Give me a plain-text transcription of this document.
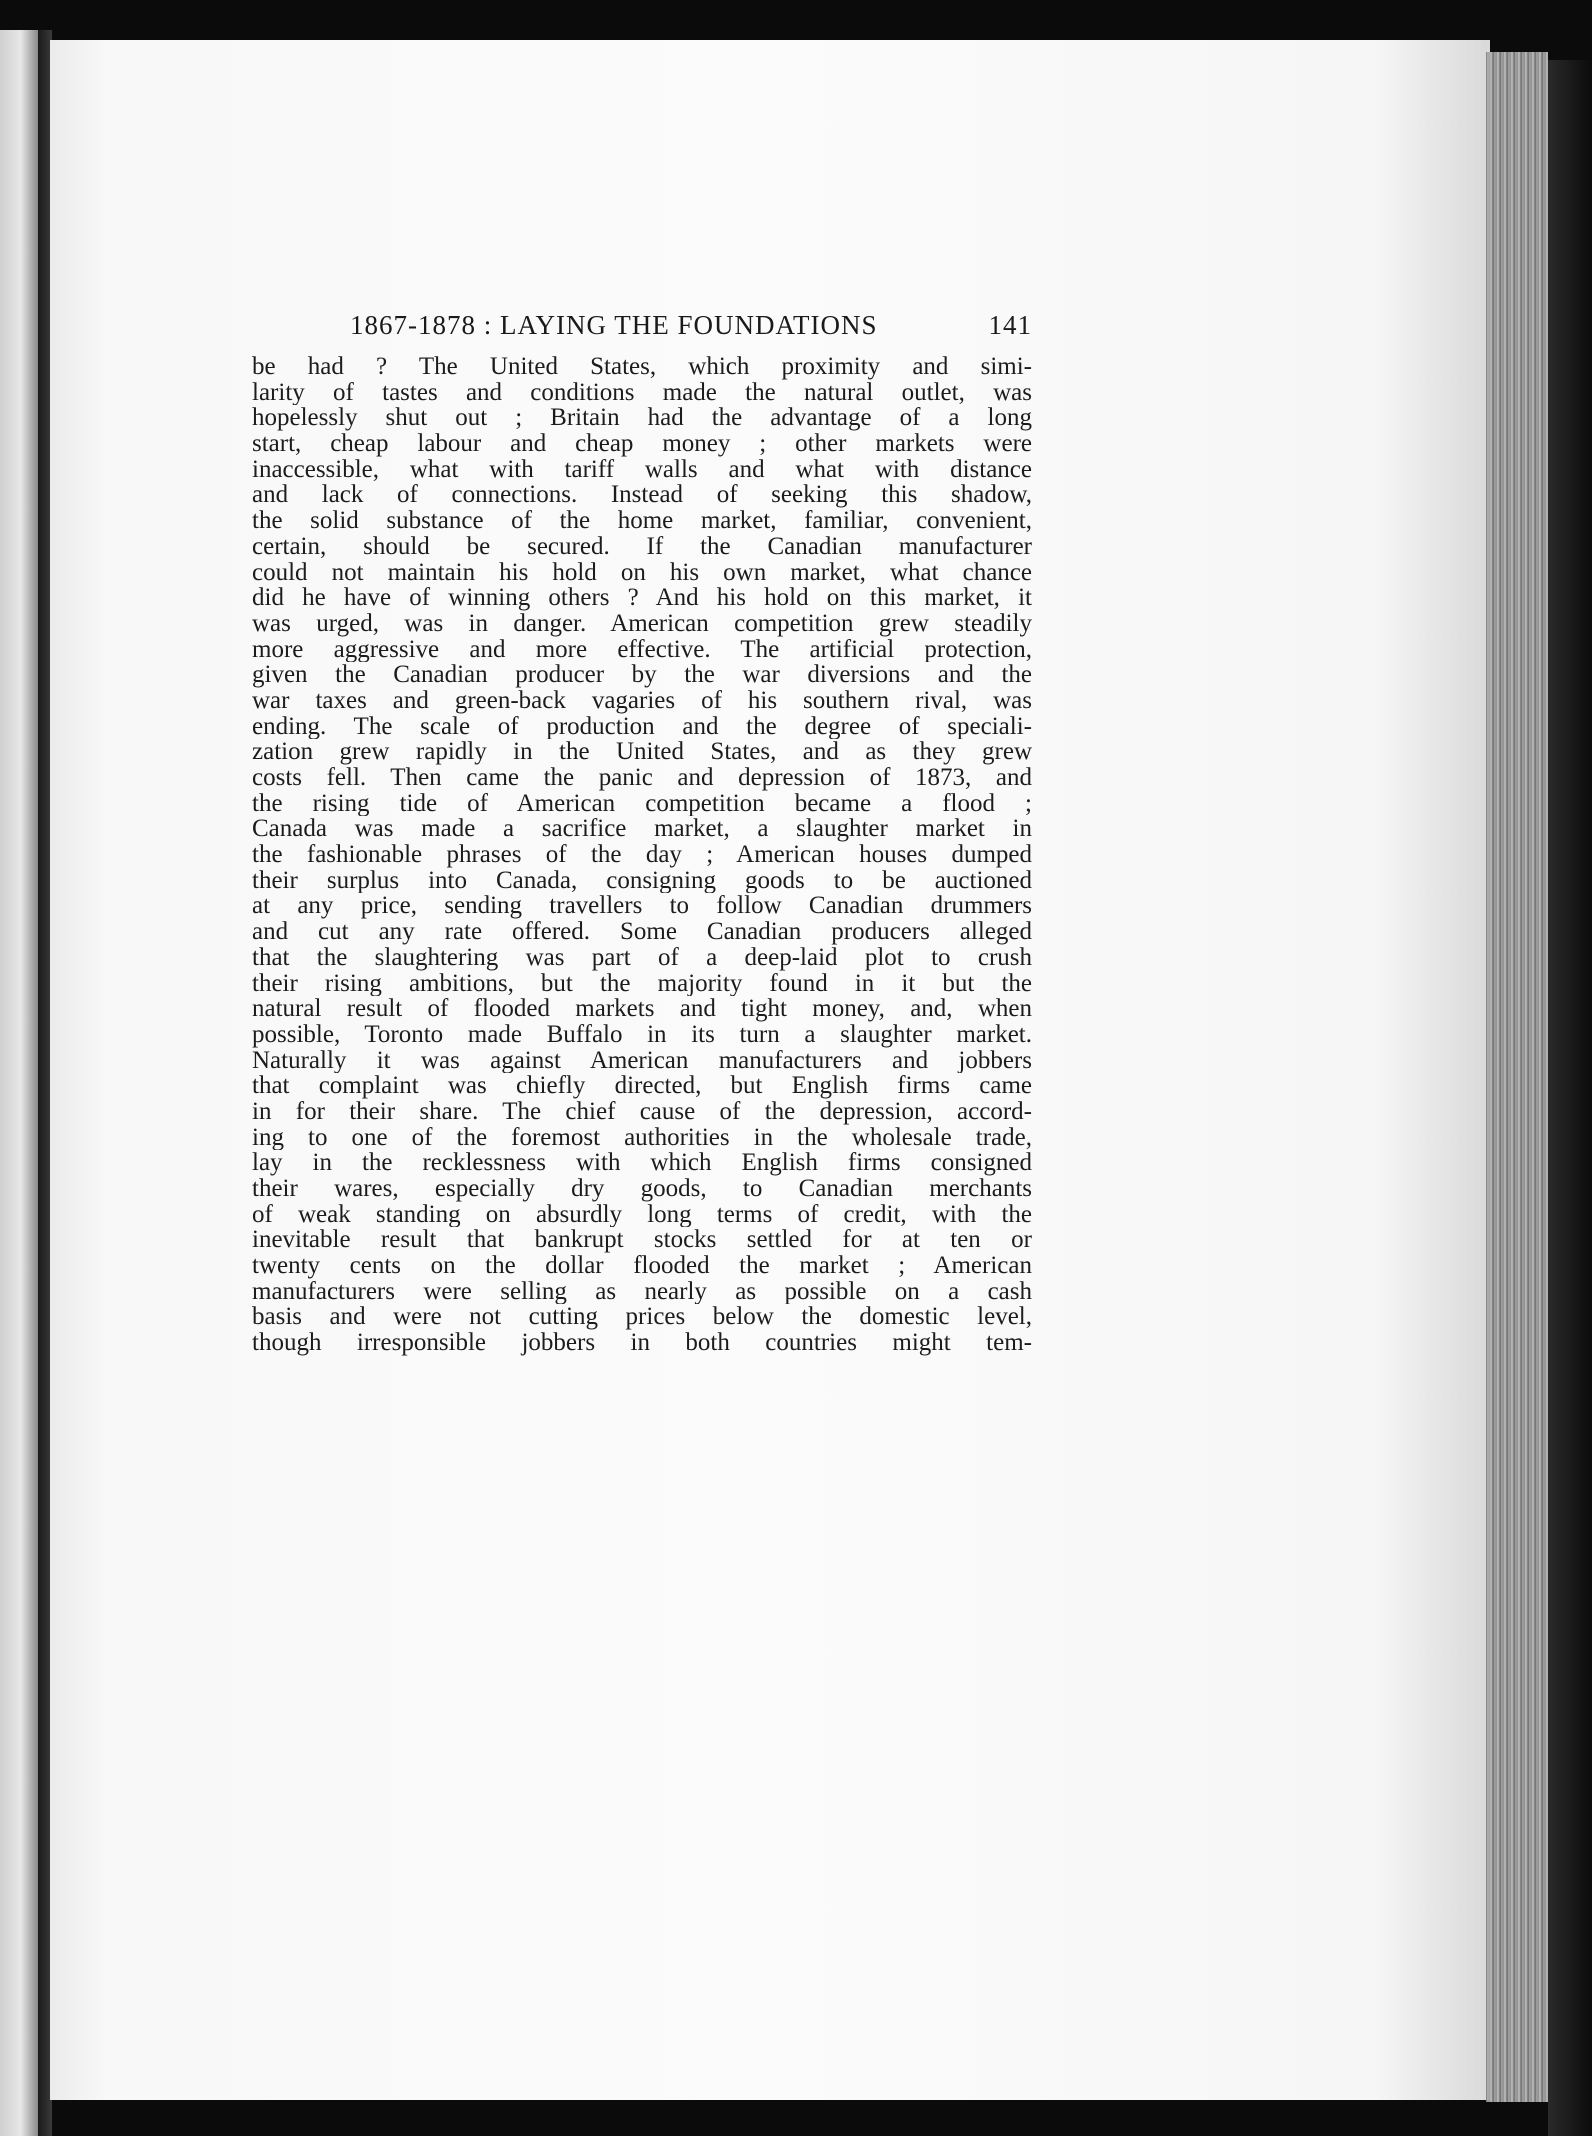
1867-1878 : LAYING THE FOUNDATIONS	141
be had ? The United States, which proximity and simi-
larity of tastes and conditions made the natural outlet, was
hopelessly shut out ; Britain had the advantage of a long
start, cheap labour and cheap money ; other markets were
inaccessible, what with tariff walls and what with distance
and lack of connections. Instead of seeking this shadow,
the solid substance of the home market, familiar, convenient,
certain, should be secured. If the Canadian manufacturer
could not maintain his hold on his own market, what chance
did he have of winning others ? And his hold on this market, it
was urged, was in danger. American competition grew steadily
more aggressive and more effective. The artificial protection,
given the Canadian producer by the war diversions and the
war taxes and green-back vagaries of his southern rival, was
ending. The scale of production and the degree of speciali-
zation grew rapidly in the United States, and as they grew
costs fell. Then came the panic and depression of 1873, and
the rising tide of American competition became a flood ;
Canada was made a sacrifice market, a slaughter market in
the fashionable phrases of the day ; American houses dumped
their surplus into Canada, consigning goods to be auctioned
at any price, sending travellers to follow Canadian drummers
and cut any rate offered. Some Canadian producers alleged
that the slaughtering was part of a deep-laid plot to crush
their rising ambitions, but the majority found in it but the
natural result of flooded markets and tight money, and, when
possible, Toronto made Buffalo in its turn a slaughter market.
Naturally it was against American manufacturers and jobbers
that complaint was chiefly directed, but English firms came
in for their share. The chief cause of the depression, accord-
ing to one of the foremost authorities in the wholesale trade,
lay in the recklessness with which English firms consigned
their wares, especially dry goods, to Canadian merchants
of weak standing on absurdly long terms of credit, with the
inevitable result that bankrupt stocks settled for at ten or
twenty cents on the dollar flooded the market ; American
manufacturers were selling as nearly as possible on a cash
basis and were not cutting prices below the domestic level,
though irresponsible jobbers in both countries might tem-
